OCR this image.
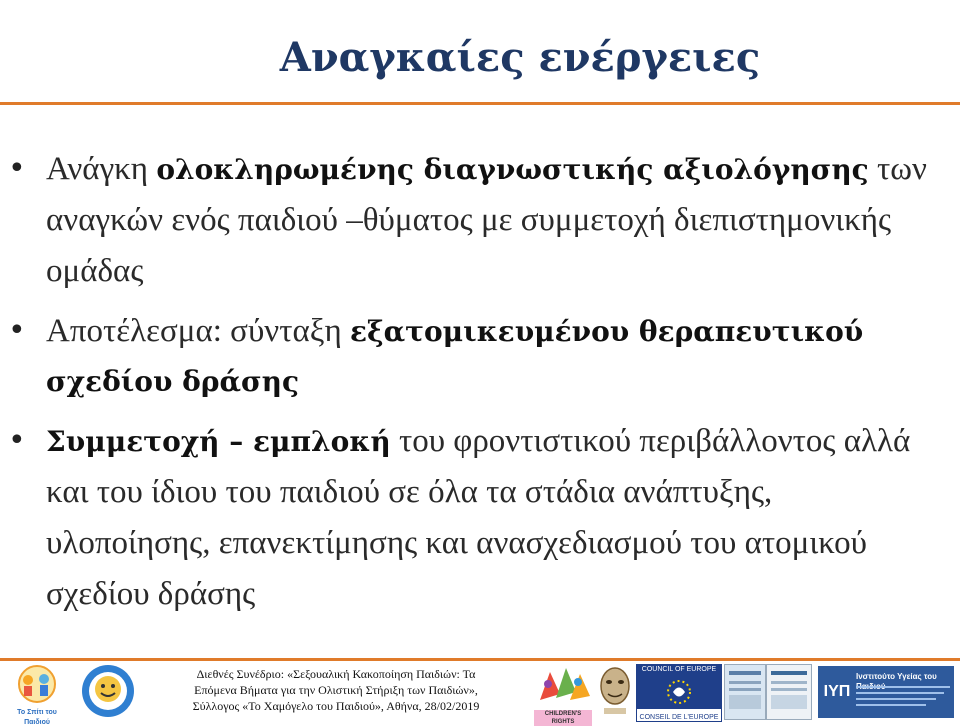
Αναγκαίες ενέργειες
• Ανάγκη ολοκληρωμένης διαγνωστικής αξιολόγησης των αναγκών ενός παιδιού –θύματος με συμμετοχή διεπιστημονικής ομάδας
• Αποτέλεσμα: σύνταξη εξατομικευμένου θεραπευτικού σχεδίου δράσης
• Συμμετοχή – εμπλοκή του φροντιστικού περιβάλλοντος αλλά και του ίδιου του παιδιού σε όλα τα στάδια ανάπτυξης, υλοποίησης, επανεκτίμησης και ανασχεδιασμού του ατομικού σχεδίου δράσης
Το Σπίτι του Παιδιού
Διεθνές Συνέδριο: «Σεξουαλική Κακοποίηση Παιδιών: Τα
Επόμενα Βήματα για την Ολιστική Στήριξη των Παιδιών»,
Σύλλογος «Το Χαμόγελο του Παιδιού», Αθήνα, 28/02/2019
CHILDREN'S RIGHTS
COUNCIL OF EUROPE
CONSEIL DE L'EUROPE
ΙΥΠ
Ινστιτούτο Υγείας του
